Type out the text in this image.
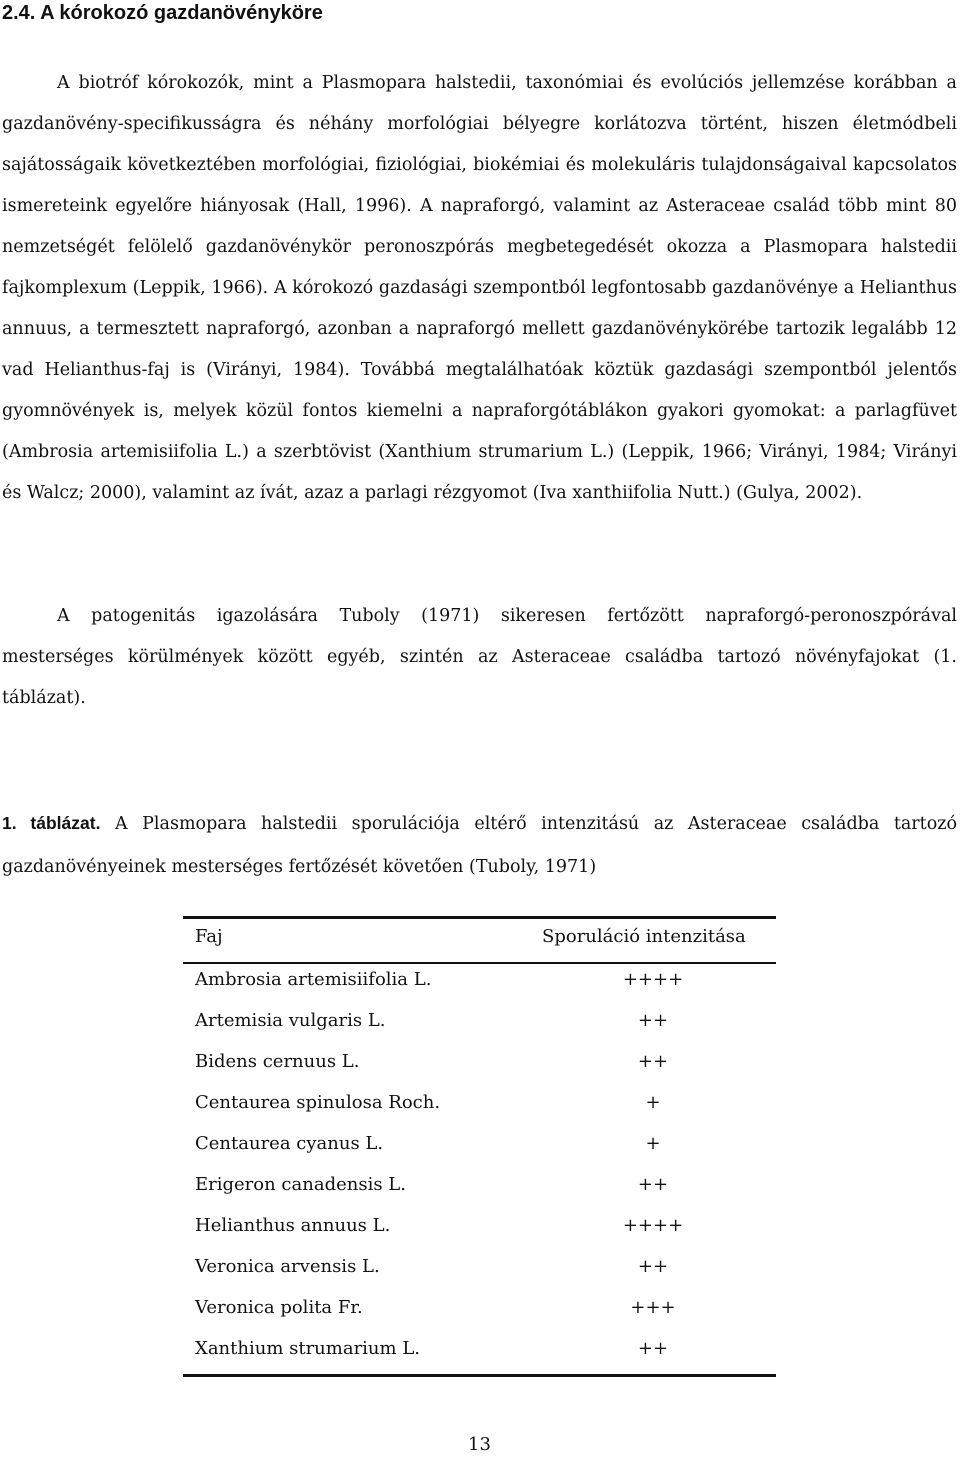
2.4. A kórokozó gazdanövénykörе

A biotróf kórokozók, mint a Plasmopara halstedii, taxonómiai és evolúciós jellemzése korábban a gazdanövény-specifikusságra és néhány morfológiai bélyegre korlátozva történt, hiszen életmódbeli sajátosságaik következtében morfológiai, fiziológiai, biokémiai és molekuláris tulajdonságaival kapcsolatos ismereteink egyelőre hiányosak (Hall, 1996). A napraforgó, valamint az Asteraceae család több mint 80 nemzetségét felölelő gazdanövénykör peronoszpórás megbetegedését okozza a Plasmopara halstedii fajkomplexum (Leppik, 1966). A kórokozó gazdasági szempontból legfontosabb gazdanövénye a Helianthus annuus, a termesztett napraforgó, azonban a napraforgó mellett gazdanövénykörébe tartozik legalább 12 vad Helianthus-faj is (Virányi, 1984). Továbbá megtalálhatóak köztük gazdasági szempontból jelentős gyomnövények is, melyek közül fontos kiemelni a napraforgótáblákon gyakori gyomokat: a parlagfüvet (Ambrosia artemisiifolia L.) a szerbtövist (Xanthium strumarium L.) (Leppik, 1966; Virányi, 1984; Virányi és Walcz; 2000), valamint az ívát, azaz a parlagi rézgyomot (Iva xanthiifolia Nutt.) (Gulya, 2002).

A patogenitás igazolására Tuboly (1971) sikeresen fertőzött napraforgó-peronoszpórával mesterséges körülmények között egyéb, szintén az Asteraceae családba tartozó növényfajokat (1. táblázat).

1. táblázat. A Plasmopara halstedii sporulációja eltérő intenzitású az Asteraceae családba tartozó gazdanövényeinek mesterséges fertőzését követően (Tuboly, 1971)

Faj	Sporuláció intenzitása
Ambrosia artemisiifolia L.	++++
Artemisia vulgaris L.	++
Bidens cernuus L.	++
Centaurea spinulosa Roch.	+
Centaurea cyanus L.	+
Erigeron canadensis L.	++
Helianthus annuus L.	++++
Veronica arvensis L.	++
Veronica polita Fr.	+++
Xanthium strumarium L.	++
13
